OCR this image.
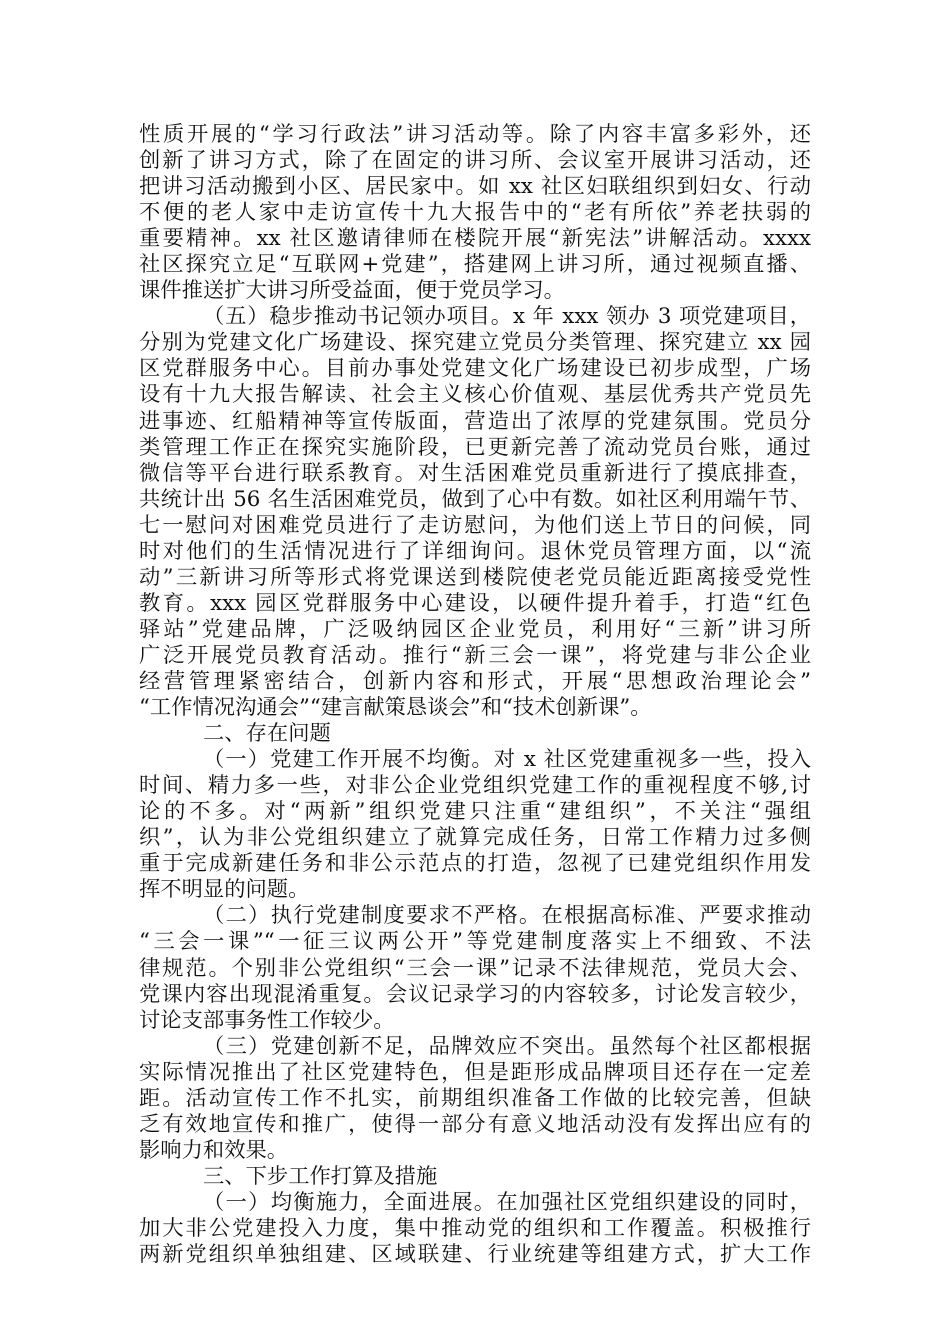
性质开展的“学习行政法”讲习活动等。除了内容丰富多彩外，还
创新了讲习方式，除了在固定的讲习所、会议室开展讲习活动，还
把讲习活动搬到小区、居民家中。如 xx 社区妇联组织到妇女、行动
不便的老人家中走访宣传十九大报告中的“老有所依”养老扶弱的
重要精神。xx 社区邀请律师在楼院开展“新宪法”讲解活动。xxxx
社区探究立足“互联网+党建”，搭建网上讲习所，通过视频直播、
课件推送扩大讲习所受益面，便于党员学习。

（五）稳步推动书记领办项目。x 年 xxx 领办 3 项党建项目，
分别为党建文化广场建设、探究建立党员分类管理、探究建立 xx 园
区党群服务中心。目前办事处党建文化广场建设已初步成型，广场
设有十九大报告解读、社会主义核心价值观、基层优秀共产党员先
进事迹、红船精神等宣传版面，营造出了浓厚的党建氛围。党员分
类管理工作正在探究实施阶段，已更新完善了流动党员台账，通过
微信等平台进行联系教育。对生活困难党员重新进行了摸底排查，
共统计出 56 名生活困难党员，做到了心中有数。如社区利用端午节、
七一慰问对困难党员进行了走访慰问，为他们送上节日的问候，同
时对他们的生活情况进行了详细询问。退休党员管理方面，以“流
动”三新讲习所等形式将党课送到楼院使老党员能近距离接受党性
教育。xxx 园区党群服务中心建设，以硬件提升着手，打造“红色
驿站”党建品牌，广泛吸纳园区企业党员，利用好“三新”讲习所
广泛开展党员教育活动。推行“新三会一课”，将党建与非公企业
经营管理紧密结合，创新内容和形式，开展“思想政治理论会”
“工作情况沟通会”“建言献策恳谈会”和“技术创新课”。

二、存在问题

（一）党建工作开展不均衡。对 x 社区党建重视多一些，投入
时间、精力多一些，对非公企业党组织党建工作的重视程度不够,讨
论的不多。对“两新”组织党建只注重“建组织”，不关注“强组
织”，认为非公党组织建立了就算完成任务，日常工作精力过多侧
重于完成新建任务和非公示范点的打造，忽视了已建党组织作用发
挥不明显的问题。

（二）执行党建制度要求不严格。在根据高标准、严要求推动
“三会一课”“一征三议两公开”等党建制度落实上不细致、不法
律规范。个别非公党组织“三会一课”记录不法律规范，党员大会、
党课内容出现混淆重复。会议记录学习的内容较多，讨论发言较少，
讨论支部事务性工作较少。

（三）党建创新不足，品牌效应不突出。虽然每个社区都根据
实际情况推出了社区党建特色，但是距形成品牌项目还存在一定差
距。活动宣传工作不扎实，前期组织准备工作做的比较完善，但缺
乏有效地宣传和推广，使得一部分有意义地活动没有发挥出应有的
影响力和效果。

三、下步工作打算及措施

（一）均衡施力，全面进展。在加强社区党组织建设的同时，
加大非公党建投入力度，集中推动党的组织和工作覆盖。积极推行
两新党组织单独组建、区域联建、行业统建等组建方式，扩大工作
